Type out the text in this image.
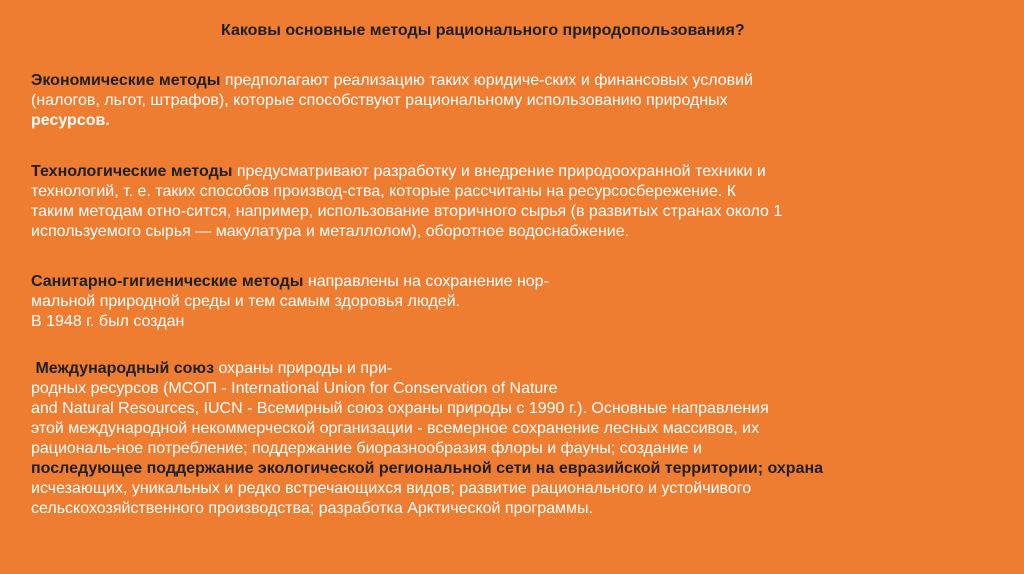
Каковы основные методы рационального природопользования?

Экономические методы предполагают реализацию таких юридиче-ских и финансовых условий
(налогов, льгот, штрафов), которые способствуют рациональному использованию природных
ресурсов.

Технологические методы предусматривают разработку и внедрение природоохранной техники и
технологий, т. е. таких способов производ-ства, которые рассчитаны на ресурсосбережение. К
таким методам отно-сится, например, использование вторичного сырья (в развитых странах около 1
используемого сырья — макулатура и металлолом), оборотное водоснабжение.

Санитарно-гигиенические методы направлены на сохранение нор-
мальной природной среды и тем самым здоровья людей.
В 1948 г. был создан

Международный союз охраны природы и при-
родных ресурсов (МСОП - International Union for Conservation of Nature
and Natural Resources, IUCN - Всемирный союз охраны природы с 1990 г.). Основные направления
этой международной некоммерческой организации - всемерное сохранение лесных массивов, их
рациональ-ное потребление; поддержание биоразнообразия флоры и фауны; создание и
последующее поддержание экологической региональной сети на евразийской территории; охрана
исчезающих, уникальных и редко встречающихся видов; развитие рационального и устойчивого
сельскохозяйственного производства; разработка Арктической программы.
